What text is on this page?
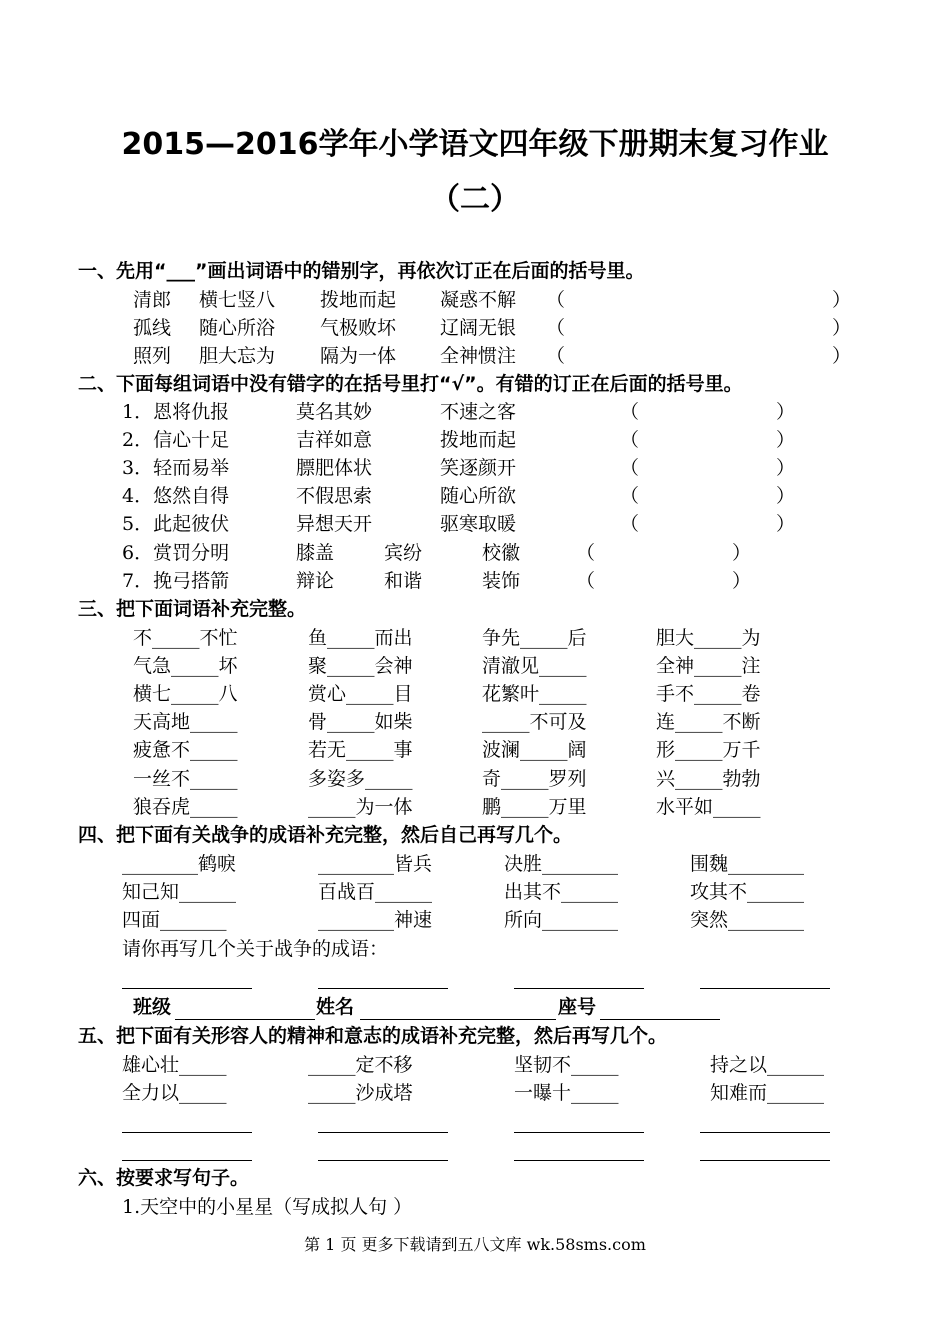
2015—2016学年小学语文四年级下册期末复习作业
（二）
一、先用“___”画出词语中的错别字，再依次订正在后面的括号里。
清郎 横七竖八 拨地而起 凝惑不解 （	）
孤线 随心所浴 气极败坏 辽阔无银 （	）
照列 胆大忘为 隔为一体 全神惯注 （	）
二、下面每组词语中没有错字的在括号里打“√”。有错的订正在后面的括号里。
1．恩将仇报	莫名其妙	不速之客	（	）
2．信心十足	吉祥如意	拨地而起	（	）
3．轻而易举	膘肥体状	笑逐颜开	（	）
4．悠然自得	不假思索	随心所欲	（	）
5．此起彼伏	异想天开	驱寒取暖	（	）
6．赏罚分明	膝盖	宾纷	校徽	（	）
7．挽弓搭箭	辩论	和谐	装饰	（	）
三、把下面词语补充完整。
不_____不忙	鱼_____而出	争先_____后	胆大_____为
气急_____坏	聚_____会神	清澈见_____	全神_____注
横七_____八	赏心_____目	花繁叶_____	手不_____卷
天高地_____	骨_____如柴	_____不可及	连_____不断
疲惫不_____	若无_____事	波澜_____阔	形_____万千
一丝不_____	多姿多_____	奇_____罗列	兴_____勃勃
狼吞虎_____	_____为一体	鹏_____万里	水平如_____
四、把下面有关战争的成语补充完整，然后自己再写几个。
________鹤唳	________皆兵	决胜________	围魏________
知己知______	百战百______	出其不______	攻其不______
四面_______	________神速	所向________	突然________
请你再写几个关于战争的成语：
班级	姓名	座号
五、把下面有关形容人的精神和意志的成语补充完整，然后再写几个。
雄心壮_____	_____定不移	坚韧不_____	持之以______
全力以_____	_____沙成塔	一曝十_____	知难而______
六、按要求写句子。
1.天空中的小星星（写成拟人句 ）
第 1 页 更多下载请到五八文库 wk.58sms.com
